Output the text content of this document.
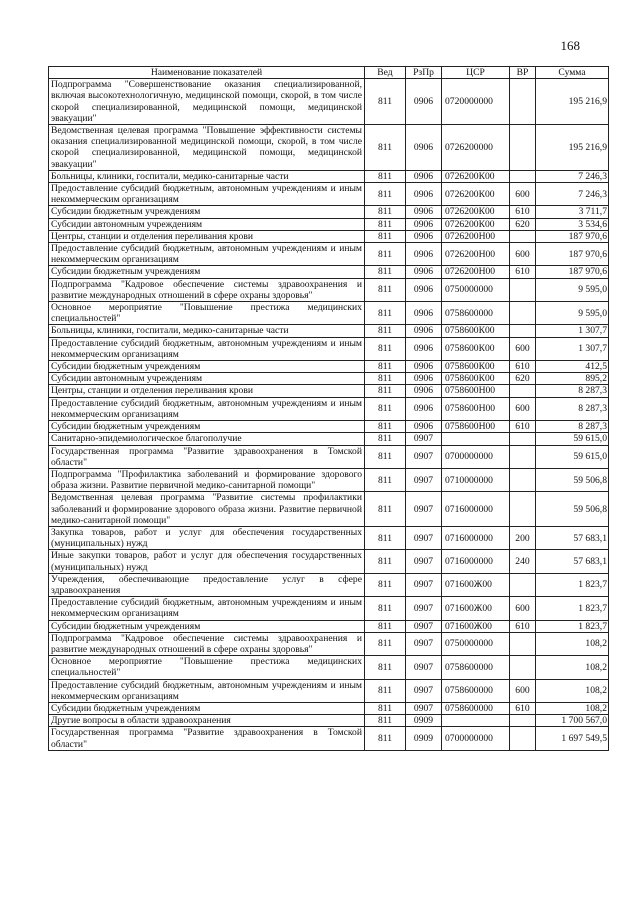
168
Наименование показателей	Вед	РзПр	ЦСР	ВР	Сумма
Подпрограмма "Совершенствование оказания специализированной, включая высокотехнологичную, медицинской помощи, скорой, в том числе скорой специализированной, медицинской помощи, медицинской эвакуации"	811	0906	0720000000		195 216,9
Ведомственная целевая программа "Повышение эффективности системы оказания специализированной медицинской помощи, скорой, в том числе скорой специализированной, медицинской помощи, медицинской эвакуации"	811	0906	0726200000		195 216,9
Больницы, клиники, госпитали, медико-санитарные части	811	0906	0726200К00		7 246,3
Предоставление субсидий бюджетным, автономным учреждениям и иным некоммерческим организациям	811	0906	0726200К00	600	7 246,3
Субсидии бюджетным учреждениям	811	0906	0726200К00	610	3 711,7
Субсидии автономным учреждениям	811	0906	0726200К00	620	3 534,6
Центры, станции и отделения переливания крови	811	0906	0726200Н00		187 970,6
Предоставление субсидий бюджетным, автономным учреждениям и иным некоммерческим организациям	811	0906	0726200Н00	600	187 970,6
Субсидии бюджетным учреждениям	811	0906	0726200Н00	610	187 970,6
Подпрограмма "Кадровое обеспечение системы здравоохранения и развитие международных отношений в сфере охраны здоровья"	811	0906	0750000000		9 595,0
Основное мероприятие "Повышение престижа медицинских специальностей"	811	0906	0758600000		9 595,0
Больницы, клиники, госпитали, медико-санитарные части	811	0906	0758600К00		1 307,7
Предоставление субсидий бюджетным, автономным учреждениям и иным некоммерческим организациям	811	0906	0758600К00	600	1 307,7
Субсидии бюджетным учреждениям	811	0906	0758600К00	610	412,5
Субсидии автономным учреждениям	811	0906	0758600К00	620	895,2
Центры, станции и отделения переливания крови	811	0906	0758600Н00		8 287,3
Предоставление субсидий бюджетным, автономным учреждениям и иным некоммерческим организациям	811	0906	0758600Н00	600	8 287,3
Субсидии бюджетным учреждениям	811	0906	0758600Н00	610	8 287,3
Санитарно-эпидемиологическое благополучие	811	0907			59 615,0
Государственная программа "Развитие здравоохранения в Томской области"	811	0907	0700000000		59 615,0
Подпрограмма "Профилактика заболеваний и формирование здорового образа жизни. Развитие первичной медико-санитарной помощи"	811	0907	0710000000		59 506,8
Ведомственная целевая программа "Развитие системы профилактики заболеваний и формирование здорового образа жизни. Развитие первичной медико-санитарной помощи"	811	0907	0716000000		59 506,8
Закупка товаров, работ и услуг для обеспечения государственных (муниципальных) нужд	811	0907	0716000000	200	57 683,1
Иные закупки товаров, работ и услуг для обеспечения государственных (муниципальных) нужд	811	0907	0716000000	240	57 683,1
Учреждения, обеспечивающие предоставление услуг в сфере здравоохранения	811	0907	071600Ж00		1 823,7
Предоставление субсидий бюджетным, автономным учреждениям и иным некоммерческим организациям	811	0907	071600Ж00	600	1 823,7
Субсидии бюджетным учреждениям	811	0907	071600Ж00	610	1 823,7
Подпрограмма "Кадровое обеспечение системы здравоохранения и развитие международных отношений в сфере охраны здоровья"	811	0907	0750000000		108,2
Основное мероприятие "Повышение престижа медицинских специальностей"	811	0907	0758600000		108,2
Предоставление субсидий бюджетным, автономным учреждениям и иным некоммерческим организациям	811	0907	0758600000	600	108,2
Субсидии бюджетным учреждениям	811	0907	0758600000	610	108,2
Другие вопросы в области здравоохранения	811	0909			1 700 567,0
Государственная программа "Развитие здравоохранения в Томской области"	811	0909	0700000000		1 697 549,5
